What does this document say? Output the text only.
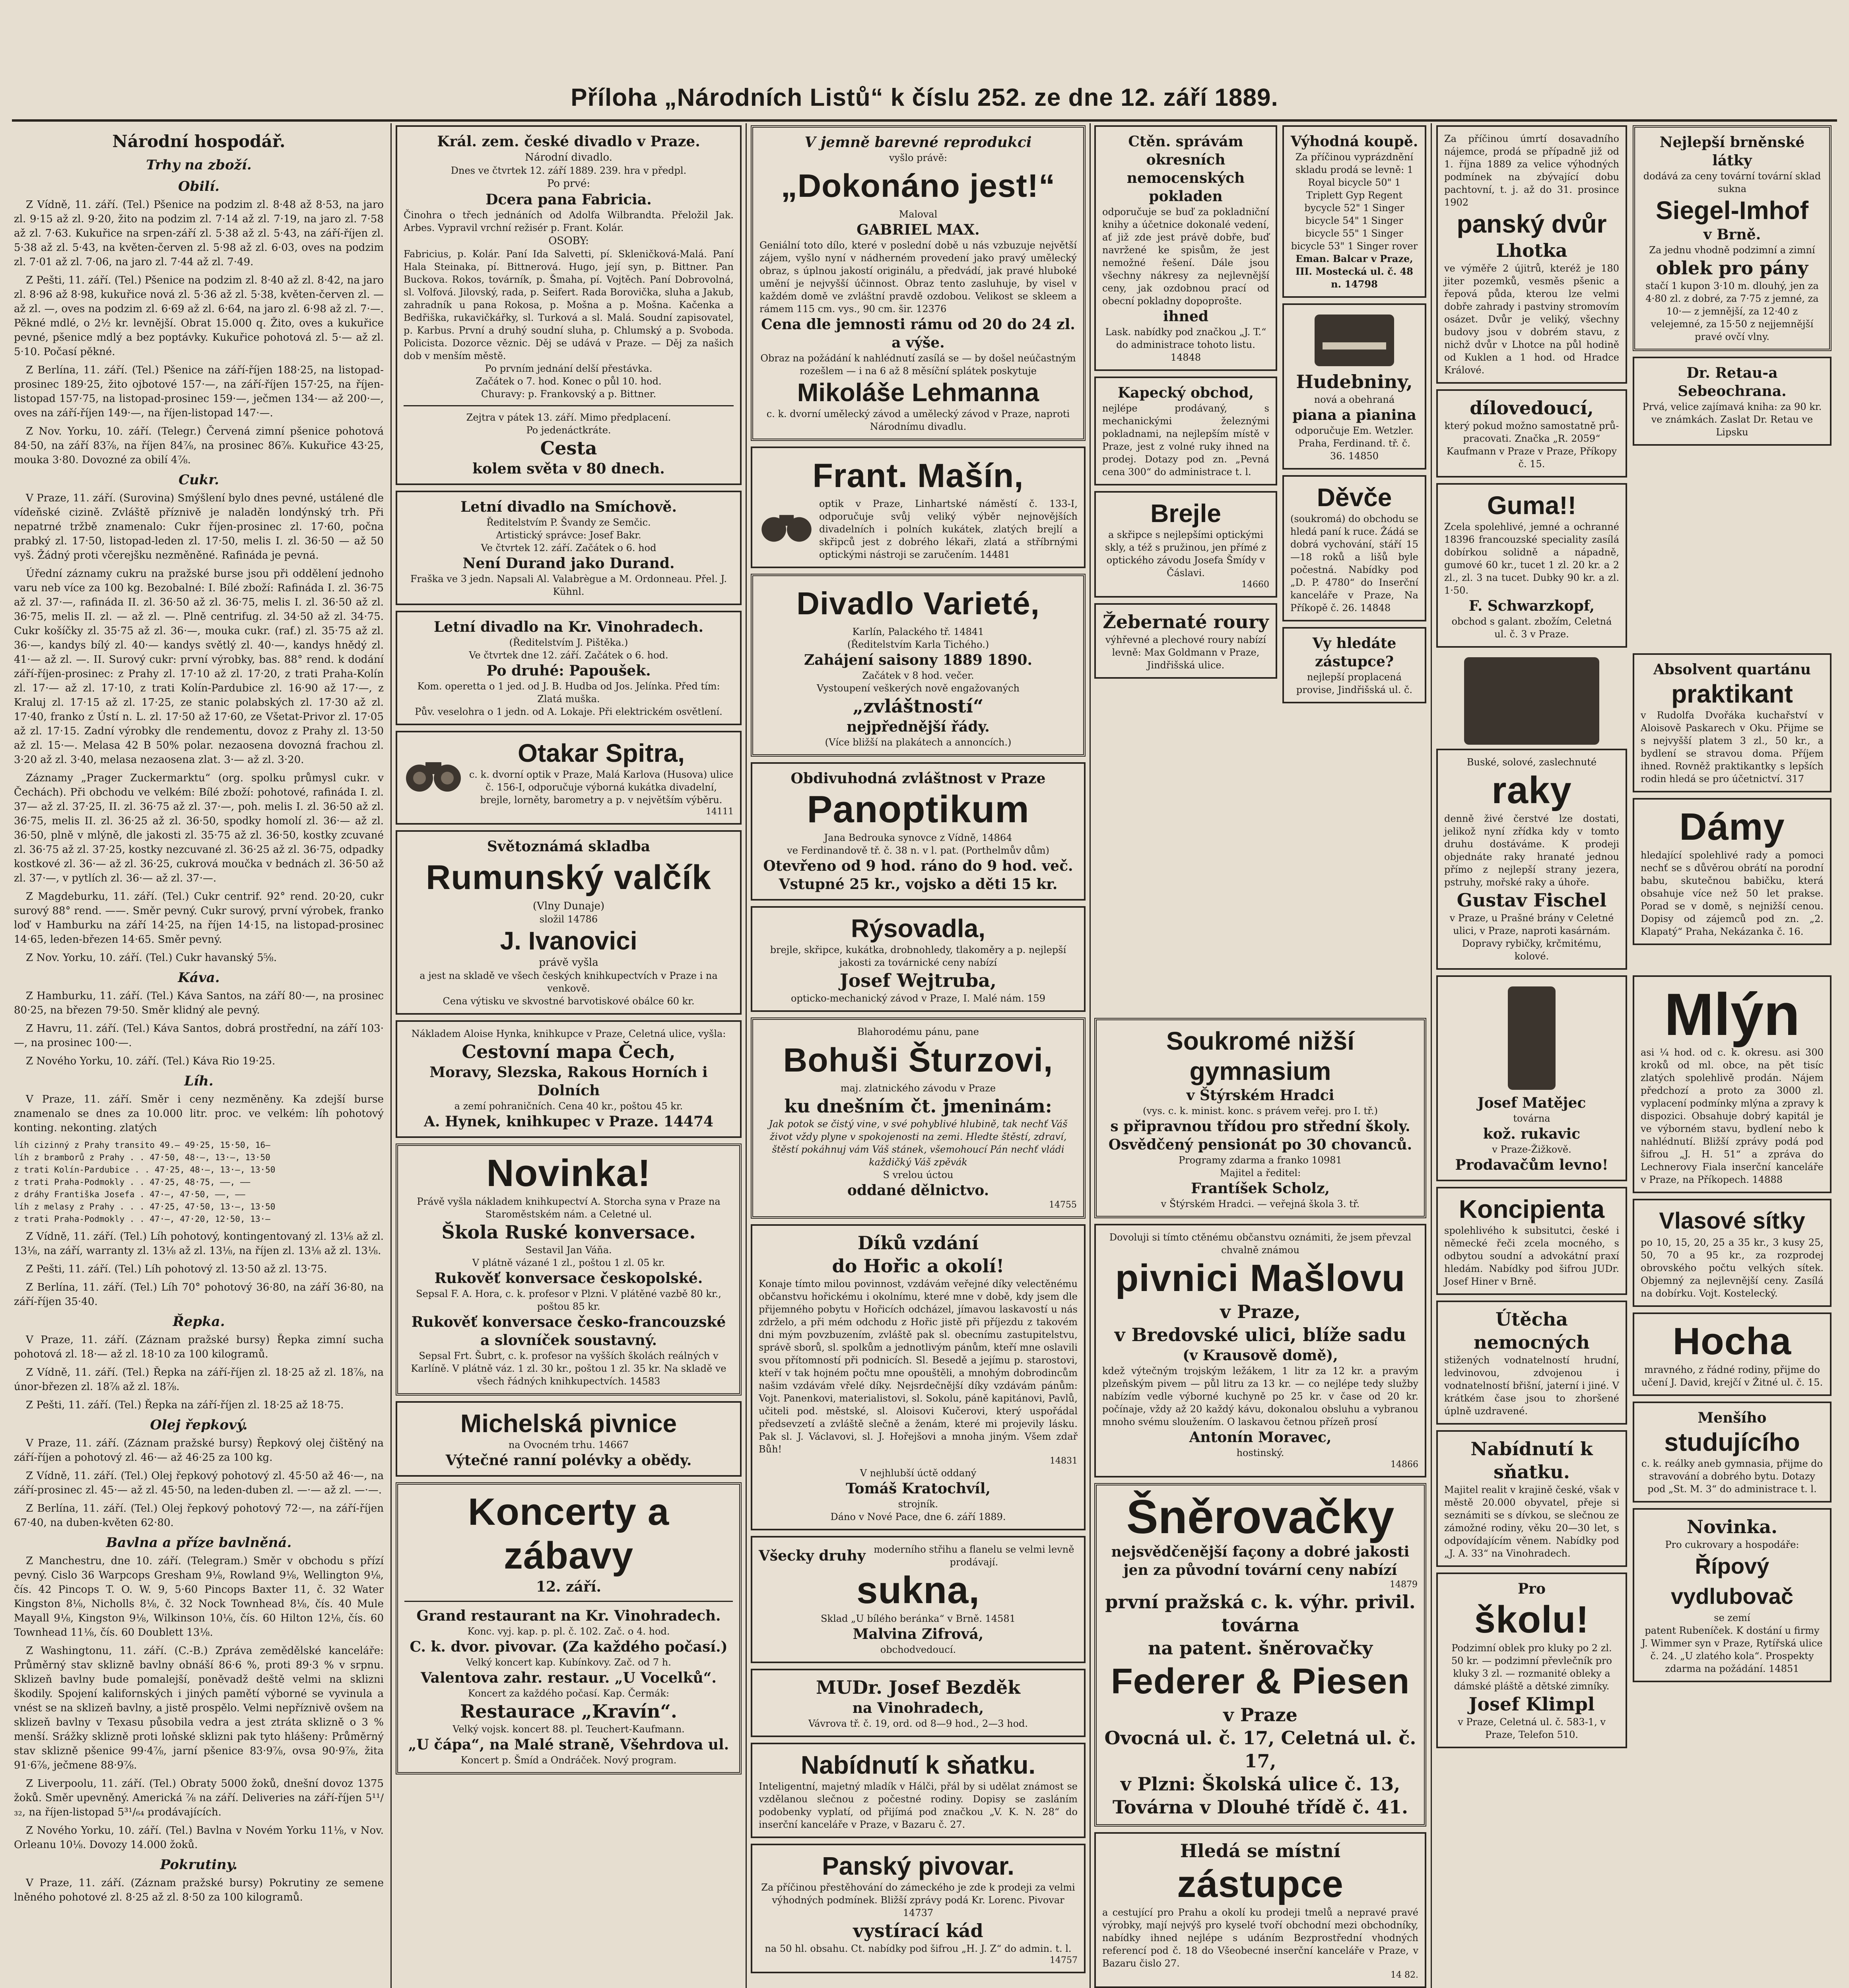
Příloha „Národních Listů“ k číslu 252. ze dne 12. září 1889.
Národní hospodář.
Trhy na zboží.
Obilí.

Z Vídně, 11. září. (Tel.) Pšenice na podzim zl. 8·48 až 8·53, na jaro zl. 9·15 až zl. 9·20, žito na podzim zl. 7·14 až zl. 7·19, na jaro zl. 7·58 až zl. 7·63. Kukuřice na srpen-září zl. 5·38 až zl. 5·43, na září-říjen zl. 5·38 až zl. 5·43, na květen-červen zl. 5·98 až zl. 6·03, oves na podzim zl. 7·01 až zl. 7·06, na jaro zl. 7·44 až zl. 7·49.

Z Pešti, 11. září. (Tel.) Pšenice na podzim zl. 8·40 až zl. 8·42, na jaro zl. 8·96 až 8·98, kukuřice nová zl. 5·36 až zl. 5·38, květen-červen zl. — až zl. —, oves na podzim zl. 6·69 až zl. 6·64, na jaro zl. 6·98 až zl. 7·—. Pěkné mdlé, o 2½ kr. levnější. Obrat 15.000 q. Žito, oves a kukuřice pevné, pšenice mdlý a bez poptávky. Kukuřice pohotová zl. 5·— až zl. 5·10. Počasí pěkné.

Z Berlína, 11. září. (Tel.) Pšenice na září-říjen 188·25, na listopad-prosinec 189·25, žito ojbotové 157·—, na září-říjen 157·25, na říjen-listopad 157·75, na listopad-prosinec 159·—, ječmen 134·— až 200·—, oves na září-říjen 149·—, na říjen-listopad 147·—.

Z Nov. Yorku, 10. září. (Telegr.) Červená zimní pšenice pohotová 84·50, na září 83⅞, na říjen 84⅞, na prosinec 86⅞. Kukuřice 43·25, mouka 3·80. Dovozné za obilí 4⅞.

Cukr.

V Praze, 11. září. (Surovina) Smýšlení bylo dnes pevné, ustálené dle vídeňské cizině. Zvláště příznivě je naladěn londýnský trh. Při nepatrné tržbě znamenalo: Cukr říjen-prosinec zl. 17·60, počna prabký zl. 17·50, listopad-leden zl. 17·50, melis I. zl. 36·50 — až 50 vyš. Žádný proti včerejšku nezměněné. Rafináda je pevná.

Úřední záznamy cukru na pražské burse jsou při oddělení jednoho varu neb více za 100 kg. Bezobalné: I. Bílé zboží: Rafináda I. zl. 36·75 až zl. 37·—, rafináda II. zl. 36·50 až zl. 36·75, melis I. zl. 36·50 až zl. 36·75, melis II. zl. — až zl. —. Plně centrifug. zl. 34·50 až zl. 34·75. Cukr košíčky zl. 35·75 až zl. 36·—, mouka cukr. (raf.) zl. 35·75 až zl. 36·—, kandys bílý zl. 40·— kandys světlý zl. 40·—, kandys hnědý zl. 41·— až zl. —. II. Surový cukr: první výrobky, bas. 88° rend. k dodání září-říjen-prosinec: z Prahy zl. 17·10 až zl. 17·20, z trati Praha-Kolín zl. 17·— až zl. 17·10, z trati Kolín-Pardubice zl. 16·90 až 17·—, z Kraluj zl. 17·15 až zl. 17·25, ze stanic polabských zl. 17·30 až zl. 17·40, franko z Ústí n. L. zl. 17·50 až 17·60, ze Všetat-Privor zl. 17·05 až zl. 17·15. Zadní výrobky dle rendementu, dovoz z Prahy zl. 13·50 až zl. 15·—. Melasa 42 B 50% polar. nezaosena dovozná frachou zl. 3·20 až zl. 3·40, melasa nezaosena zlat. 3·— až zl. 3·20.

Záznamy „Prager Zuckermarktu“ (org. spolku průmysl cukr. v Čechách). Při obchodu ve velkém: Bílé zboží: pohotové, rafináda I. zl. 37— až zl. 37·25, II. zl. 36·75 až zl. 37·—, poh. melis I. zl. 36·50 až zl. 36·75, melis II. zl. 36·25 až zl. 36·50, spodky homolí zl. 36·— až zl. 36·50, plně v mlýně, dle jakosti zl. 35·75 až zl. 36·50, kostky zcuvané zl. 36·75 až zl. 37·25, kostky nezcuvané zl. 36·25 až zl. 36·75, odpadky kostkové zl. 36·— až zl. 36·25, cukrová moučka v bednách zl. 36·50 až zl. 37·—, v pytlích zl. 36·— až zl. 37·—.

Z Magdeburku, 11. září. (Tel.) Cukr centrif. 92° rend. 20·20, cukr surový 88° rend. ——. Směr pevný. Cukr surový, první výrobek, franko loď v Hamburku na září 14·25, na říjen 14·15, na listopad-prosinec 14·65, leden-březen 14·65. Směr pevný.

Z Nov. Yorku, 10. září. (Tel.) Cukr havanský 5⅝.

Káva.

Z Hamburku, 11. září. (Tel.) Káva Santos, na září 80·—, na prosinec 80·25, na březen 79·50. Směr klidný ale pevný.

Z Havru, 11. září. (Tel.) Káva Santos, dobrá prostřední, na září 103·—, na prosinec 100·—.

Z Nového Yorku, 10. září. (Tel.) Káva Rio 19·25.

Líh.

V Praze, 11. září. Směr i ceny nezměněny. Ka zdejší burse znamenalo se dnes za 10.000 litr. proc. ve velkém: líh pohotový konting. nekonting. zlatých

líh cizinný z Prahy transito 49.— 49·25, 15·50, 16—
líh z bramborů z Prahy . . 47·50, 48·—, 13·—, 13·50
z trati Kolín-Pardubice . . 47·25, 48·—, 13·—, 13·50
z trati Praha-Podmokly . . 47·25, 48·75, ——, ——
z dráhy Františka Josefa . 47·—, 47·50, ——, ——
líh z melasy z Prahy . . . 47·25, 47·50, 13·—, 13·50
z trati Praha-Podmokly . . 47·—, 47·20, 12·50, 13·—

Z Vídně, 11. září. (Tel.) Líh pohotový, kontingentovaný zl. 13⅛ až zl. 13⅛, na září, warranty zl. 13⅛ až zl. 13⅛, na říjen zl. 13⅛ až zl. 13⅛.

Z Pešti, 11. září. (Tel.) Líh pohotový zl. 13·50 až zl. 13·75.

Z Berlína, 11. září. (Tel.) Líh 70° pohotový 36·80, na září 36·80, na září-říjen 35·40.

Řepka.

V Praze, 11. září. (Záznam pražské bursy) Řepka zimní sucha pohotová zl. 18·— až zl. 18·10 za 100 kilogramů.

Z Vídně, 11. září. (Tel.) Řepka na září-říjen zl. 18·25 až zl. 18⅞, na únor-březen zl. 18⅞ až zl. 18⅞.

Z Pešti, 11. září. (Tel.) Řepka na září-říjen zl. 18·25 až 18·75.

Olej řepkový.

V Praze, 11. září. (Záznam pražské bursy) Řepkový olej čištěný na září-říjen a pohotový zl. 46·— až 46·25 za 100 kg.

Z Vídně, 11. září. (Tel.) Olej řepkový pohotový zl. 45·50 až 46·—, na září-prosinec zl. 45·— až zl. 45·50, na leden-duben zl. —·— až zl. —·—.

Z Berlína, 11. září. (Tel.) Olej řepkový pohotový 72·—, na září-říjen 67·40, na duben-květen 62·80.

Bavlna a příze bavlněná.

Z Manchestru, dne 10. září. (Telegram.) Směr v obchodu s přízí pevný. Cislo 36 Warpcops Gresham 9⅛, Rowland 9⅛, Wellington 9⅛, čís. 42 Pincops T. O. W. 9, 5·60 Pincops Baxter 11, č. 32 Water Kingston 8⅛, Nicholls 8⅛, č. 32 Nock Townhead 8⅛, čís. 40 Mule Mayall 9⅛, Kingston 9⅛, Wilkinson 10⅛, čís. 60 Hilton 12⅛, čís. 60 Townhead 11⅛, čís. 60 Doublett 13⅛.

Z Washingtonu, 11. září. (C.-B.) Zpráva zemědělské kanceláře: Průměrný stav sklizně bavlny obnáší 86·6 %, proti 89·3 % v srpnu. Sklizeň bavlny bude pomalejší, poněvadž deště velmi na sklizni škodily. Spojení kalifornských i jiných pamětí výborné se vyvinula a vnést se na sklizeň bavlny, a jistě prospělo. Velmi nepříznivě ovšem na sklizeň bavlny v Texasu působila vedra a jest ztráta sklizně o 3 % menší. Srážky sklizně proti loňské sklizni pak tyto hlášeny: Průměrný stav sklizně pšenice 99·4⅞, jarní pšenice 83·9⅞, ovsa 90·9⅞, žita 91·6⅞, ječmene 88·9⅞.

Z Liverpoolu, 11. září. (Tel.) Obraty 5000 žoků, dnešní dovoz 1375 žoků. Směr upevněný. Americká ⅞ na září. Deliveries na září-říjen 5¹¹/₃₂, na říjen-listopad 5³¹/₆₄ prodávajících.

Z Nového Yorku, 10. září. (Tel.) Bavlna v Novém Yorku 11⅛, v Nov. Orleanu 10⅛. Dovozy 14.000 žoků.

Pokrutiny.

V Praze, 11. září. (Záznam pražské bursy) Pokrutiny ze semene lněného pohotové zl. 8·25 až zl. 8·50 za 100 kilogramů.

Král. zem. české divadlo v Praze.
Národní divadlo.
Dnes ve čtvrtek 12. září 1889. 239. hra v předpl.
Po prvé:
Dcera pana Fabricia.
Činohra o třech jednáních od Adolfa Wilbrandta. Přeložil Jak. Arbes. Vypravil vrchní režisér p. Frant. Kolár.
OSOBY:
Fabricius, p. Kolár. Paní Ida Salvetti, pí. Skleničková-Malá. Paní Hala Steinaka, pí. Bittnerová. Hugo, její syn, p. Bittner. Pan Buckova. Rokos, továrník, p. Šmaha, pí. Vojtěch. Paní Dobrovolná, sl. Volfová. Jilovský, rada, p. Seifert. Rada Borovička, sluha a Jakub, zahradník u pana Rokosa, p. Mošna a p. Mošna. Kačenka a Bedřiška, rukavičkářky, sl. Turková a sl. Malá. Soudní zapisovatel, p. Karbus. První a druhý soudní sluha, p. Chlumský a p. Svoboda. Policista. Dozorce věznic. Děj se udává v Praze. — Děj za našich dob v menším městě.
Po prvním jednání delší přestávka.
Začátek o 7. hod. Konec o půl 10. hod.
Churavy: p. Frankovský a p. Bittner.
Zejtra v pátek 13. září. Mimo předplacení.
Po jedenáctkráte.
Cesta
kolem světa v 80 dnech.
Letní divadlo na Smíchově.
Ředitelstvím P. Švandy ze Semčic.
Artistický správce: Josef Bakr.
Ve čtvrtek 12. září. Začátek o 6. hod
Není Durand jako Durand.
Fraška ve 3 jedn. Napsali Al. Valabrègue a M. Ordonneau. Přel. J. Kühnl.
Letní divadlo na Kr. Vinohradech.
(Ředitelstvím J. Pištěka.)
Ve čtvrtek dne 12. září. Začátek o 6. hod.
Po druhé: Papoušek.
Kom. operetta o 1 jed. od J. B. Hudba od Jos. Jelínka. Před tím: Zlatá muška.
Pův. veselohra o 1 jedn. od A. Lokaje. Při elektrickém osvětlení.
Otakar Spitra,
c. k. dvorní optik v Praze, Malá Karlova (Husova) ulice č. 156-I, odporučuje výborná kukátka divadelní, brejle, lorněty, barometry a p. v největším výběru.
14111
Světoznámá skladba
Rumunský valčík
(Vlny Dunaje)
složil 14786
J. Ivanovici
právě vyšla
a jest na skladě ve všech českých knihkupectvích v Praze i na venkově.
Cena výtisku ve skvostné barvotiskové obálce 60 kr.
Nákladem Aloise Hynka, knihkupce v Praze, Celetná ulice, vyšla:
Cestovní mapa Čech,
Moravy, Slezska, Rakous Horních i Dolních
a zemí pohraničních. Cena 40 kr., poštou 45 kr.
A. Hynek, knihkupec v Praze. 14474
Novinka!
Právě vyšla nákladem knihkupectví A. Storcha syna v Praze na Staroměstském nám. a Celetné ul.
Škola Ruské konversace.
Sestavil Jan Váňa.
V plátně vázané 1 zl., poštou 1 zl. 05 kr.
Rukověť konversace českopolské.
Sepsal F. A. Hora, c. k. profesor v Plzni. V plátěné vazbě 80 kr., poštou 85 kr.
Rukověť konversace česko-francouzské a slovníček soustavný.
Sepsal Frt. Šubrt, c. k. profesor na vyšších školách reálných v Karlíně. V plátně váz. 1 zl. 30 kr., poštou 1 zl. 35 kr. Na skladě ve všech řádných knihkupectvích. 14583
Michelská pivnice
na Ovocném trhu. 14667
Výtečné ranní polévky a obědy.
Koncerty a zábavy
12. září.
Grand restaurant na Kr. Vinohradech.
Konc. vyj. kap. p. pl. č. 102. Zač. o 4. hod.
C. k. dvor. pivovar. (Za každého počasí.)
Velký koncert kap. Kubínkovy. Zač. od 7 h.
Valentova zahr. restaur. „U Vocelků“.
Koncert za každého počasí. Kap. Čermák:
Restaurace „Kravín“.
Velký vojsk. koncert 88. pl. Teuchert-Kaufmann.
„U čápa“, na Malé straně, Všehrdova ul.
Koncert p. Šmíd a Ondráček. Nový program.
V jemně barevné reprodukci
vyšlo právě:
„Dokonáno jest!“
Maloval
GABRIEL MAX.
Geniální toto dílo, které v poslední době u nás vzbuzuje největší zájem, vyšlo nyní v nádherném provedení jako pravý umělecký obraz, s úplnou jakostí originálu, a předvádí, jak pravé hluboké umění je nejvyšší účinnost. Obraz tento zasluhuje, by visel v každém domě ve zvláštní pravdě ozdobou. Velikost se skleem a rámem 115 cm. vys., 90 cm. šir. 12376
Cena dle jemnosti rámu od 20 do 24 zl. a výše.
Obraz na požádání k nahlédnutí zasílá se — by došel neúčastným rozešlem — i na 6 až 8 měsíční splátek poskytuje
Mikoláše Lehmanna
c. k. dvorní umělecký závod a umělecký závod v Praze, naproti Národnímu divadlu.
Frant. Mašín,
optik v Praze, Linhartské náměstí č. 133-I, odporučuje svůj veliký výběr nejnovějších divadelních i polních kukátek, zlatých brejlí a skřipců jest z dobrého lékaři, zlatá a stříbrnými optickými nástroji se zaručením. 14481
Divadlo Varieté,
Karlín, Palackého tř. 14841
(Ředitelstvím Karla Tichého.)
Zahájení saisony 1889 1890.
Začátek v 8 hod. večer.
Vystoupení veškerých nově engažovaných
„zvláštností“
nejpřednější řády.
(Více bližší na plakátech a annoncích.)
Obdivuhodná zvláštnost v Praze
Panoptikum
Jana Bedrouka synovce z Vídně, 14864
ve Ferdinandově tř. č. 38 n. v l. pat. (Porthelmův dům)
Otevřeno od 9 hod. ráno do 9 hod. več.
Vstupné 25 kr., vojsko a děti 15 kr.
Rýsovadla,
brejle, skřipce, kukátka, drobnohledy, tlakoměry a p. nejlepší jakosti za továrnické ceny nabízí
Josef Wejtruba,
opticko-mechanický závod v Praze, I. Malé nám. 159
Blahorodému pánu, pane
Bohuši Šturzovi,
maj. zlatnického závodu v Praze
ku dnešním čt. jmeninám:
Jak potok se čistý vine, v své pohyblivé hlubině, tak nechť Váš život vždy plyne v spokojenosti na zemi. Hledte štěstí, zdraví, štěstí pokáhnuj vám Váš stánek, všemohoucí Pán nechť vládi každičký Váš zpěvák
S vrelou úctou
oddané dělnictvo.
14755
Díků vzdání
do Hořic a okolí!
Konaje tímto milou povinnost, vzdávám veřejné díky velectěnému občanstvu hořickému i okolnímu, které mne v době, kdy jsem dle přijemného pobytu v Hořicích odcházel, jímavou laskavostí u nás zdrželo, a při mém odchodu z Hořic jistě při příjezdu z takovém dni mým povzbuzením, zvláště pak sl. obecnímu zastupitelstvu, správě sborů, sl. spolkům a jednotlivým pánům, kteří mne oslavili svou přítomností při podnicích. Sl. Besedě a jejímu p. starostovi, kteří v tak hojném počtu mne opouštěli, a mnohým dobrodincům našim vzdávám vřelé díky. Nejsrdečnější díky vzdávám pánům: Vojt. Panenkovi, materialistovi, sl. Sokolu, páně kapitánovi, Pavlů, učiteli pod. městské, sl. Aloisovi Kučerovi, který uspořádal předsevzetí a zvláště slečně a ženám, které mi projevily lásku. Pak sl. J. Václavovi, sl. J. Hořejšovi a mnoha jiným. Všem zdař Bůh!
14831
V nejhlubší úctě oddaný
Tomáš Kratochvíl,
strojník.
Dáno v Nové Pace, dne 6. září 1889.
Všecky druhy moderního střihu a flanelu se velmi levně prodávají.
sukna,
Sklad „U bílého beránka“ v Brně. 14581
Malvina Zifrová,
obchodvedoucí.
MUDr. Josef Bezděk
na Vinohradech,
Vávrova tř. č. 19, ord. od 8—9 hod., 2—3 hod.
Nabídnutí k sňatku.
Inteligentní, majetný mladík v Hálči, přál by si udělat známost se vzdělanou slečnou z počestné rodiny. Dopisy se zasláním podobenky vyplatí, od přijímá pod značkou „V. K. N. 28“ do inserční kanceláře v Praze, v Bazaru č. 27.
Panský pivovar.
Za příčinou přestěhování do zámeckého je zde k prodeji za velmi výhodných podmínek. Bližší zprávy podá Kr. Lorenc. Pivovar 14737
vystírací kád
na 50 hl. obsahu. Ct. nabídky pod šifrou „H. J. Z“ do admin. t. l.
14757
Ctěn. správám okresních nemocenských pokladen
odporučuje se buď za pokladniční knihy a účetnice dokonalé vedení, ať již zde jest právě dobře, buď navržené ke spisům, že jest nemožné řešení. Dále jsou všechny nákresy za nejlevnější ceny, jak ozdobnou prací od obecní pokladny dopoprošte.
ihned
Lask. nabídky pod značkou „J. T.“ do administrace tohoto listu. 14848
Kapecký obchod,
nejlépe prodávaný, s mechanickými železnými pokladnami, na nejlepším místě v Praze, jest z volné ruky ihned na prodej. Dotazy pod zn. „Pevná cena 300“ do administrace t. l.
Brejle
a skřipce s nejlepšími optickými skly, a též s pružinou, jen přímé z optického závodu Josefa Šmídy v Čáslavi.
14660
Žebernaté roury
výhřevné a plechové roury nabízí levně: Max Goldmann v Praze, Jindřišská ulice.
Výhodná koupě.
Za příčinou vyprázdnění skladu prodá se levně: 1 Royal bicycle 50" 1 Triplett Gyp Regent bycycle 52" 1 Singer bicycle 54" 1 Singer bicycle 55" 1 Singer bicycle 53" 1 Singer rover
Eman. Balcar v Praze, III. Mostecká ul. č. 48 n. 14798
Hudebniny,
nová a obehraná
piana a pianina
odporučuje Em. Wetzler. Praha, Ferdinand. tř. č. 36. 14850
Děvče
(soukromá) do obchodu se hledá paní k ruce. Žádá se dobrá vychování, stáří 15—18 roků a lišů byle počestná. Nabídky pod „D. P. 4780“ do Inserční kanceláře v Praze, Na Příkopě č. 26. 14848
Vy hledáte zástupce?
nejlepší proplacená provise, Jindřišská ul. č.
Soukromé nižší gymnasium
v Štýrském Hradci
(vys. c. k. minist. konc. s právem veřej. pro I. tř.)
s připravnou třídou pro střední školy.
Osvědčený pensionát po 30 chovanců.
Programy zdarma a franko 10981
Majitel a ředitel:
Frantíšek Scholz,
v Štýrském Hradci. — veřejná škola 3. tř.
Dovoluji si tímto ctěnému občanstvu oznámiti, že jsem převzal chvalně známou
pivnici Mašlovu
v Praze,
v Bredovské ulici, blíže sadu
(v Krausově domě),
kdež výtečným trojským ležákem, 1 litr za 12 kr. a pravým plzeňským pivem — půl litru za 13 kr. — co nejlépe tedy služby nabízím vedle výborné kuchyně po 25 kr. v čase od 20 kr. počínaje, vždy až 20 každý kávu, dokonalou obsluhu a vybranou mnoho svému sloužením. O laskavou četnou přízeň prosí
Antonín Moravec,
hostinský.
14866
Šněrovačky
nejsvědčenější façony a dobré jakosti jen za původní tovární ceny nabízí
14879
první pražská c. k. výhr. privil. továrna
na patent. šněrovačky
Federer & Piesen
v Praze
Ovocná ul. č. 17, Celetná ul. č. 17,
v Plzni: Školská ulice č. 13,
Továrna v Dlouhé třídě č. 41.
Hledá se místní
zástupce
a cestující pro Prahu a okolí ku prodeji tmelů a nepravé pravé výrobky, mají nejvýš pro kyselé tvoří obchodní mezi obchodníky, nabídky ihned nejlépe s udáním Bezprostřední vhodných referencí pod č. 18 do Všeobecné inserční kanceláře v Praze, v Bazaru čislo 27.
14 82.
Za příčinou úmrtí dosavadního nájemce, prodá se případně již od 1. října 1889 za velice výhodných podmínek na zbývající dobu pachtovní, t. j. až do 31. prosince 1902
panský dvůr
Lhotka
ve výměře 2 újitrů, kteréž je 180 jiter pozemků, vesměs pšenic a řepová půda, kterou lze velmi dobře zahrady i pastviny stromovím osázet. Dvůr je veliký, všechny budovy jsou v dobrém stavu, z nichž dvůr v Lhotce na půl hodině od Kuklen a 1 hod. od Hradce Králové.
dílovedoucí,
který pokud možno samostatně prů-pracovati. Značka „R. 2059“ Kaufmann v Praze v Praze, Příkopy č. 15.
Guma!!
Zcela spolehlivé, jemné a ochranné 18396 francouzské speciality zasílá dobírkou solidně a nápadně, gumové 60 kr., tucet 1 zl. 20 kr. a 2 zl., zl. 3 na tucet. Dubky 90 kr. a zl. 1·50.
F. Schwarzkopf,
obchod s galant. zbožím, Celetná ul. č. 3 v Praze.
Nejlepší brněnské látky
dodává za ceny tovární tovární sklad sukna
Siegel-Imhof
v Brně.
Za jednu vhodně podzimní a zimní
oblek pro pány
stačí 1 kupon 3·10 m. dlouhý, jen za 4·80 zl. z dobré, za 7·75 z jemné, za 10·— z jemnější, za 12·40 z velejemné, za 15·50 z nejjemnější pravé ovčí vlny.
Dr. Retau-a Sebeochrana.
Prvá, velice zajímavá kniha: za 90 kr. ve známkách. Zaslat Dr. Retau ve Lipsku
Buské, solové, zaslechnuté
raky
denně živé čerstvé lze dostati, jelikož nyní zřídka kdy v tomto druhu dostáváme. K prodeji objednáte raky hranaté jednou přímo z nejlepší strany jezera, pstruhy, mořské raky a úhoře.
Gustav Fischel
v Praze, u Prašné brány v Celetné ulici, v Praze, naproti kasárnám. Dopravy rybičky, krčmitému, kolové.
Absolvent quartánu
praktikant
v Rudolfa Dvořáka kuchařství v Aloisově Paskarech v Oku. Přijme se s nejvyšší platem 3 zl., 50 kr., a bydlení se stravou doma. Příjem ihned. Rovněž praktikantky s lepších rodin hledá se pro účetnictví. 317
Dámy
hledající spolehlivé rady a pomoci nechť se s důvěrou obrátí na porodní babu, skutečnou babičku, která obsahuje více než 50 let prakse. Porad se v domě, s nejnižší cenou. Dopisy od zájemců pod zn. „2. Klapatý“ Praha, Nekázanka č. 16.
Josef Matějec
továrna
kož. rukavic
v Praze-Žižkově.
Prodavačům levno!
Koncipienta
spolehlivého k subsitutci, české i německé řeči zcela mocného, s odbytou soudní a advokátní praxí hledám. Nabídky pod šifrou JUDr. Josef Hiner v Brně.
Útěcha nemocných
stižených vodnatelností hrudní, ledvinovou, zdvojenou i vodnatelností břišní, jaterní i jiné. V krátkém čase jsou to zhoršené úplně uzdravené.
Nabídnutí k sňatku.
Majitel realit v krajině české, však v městě 20.000 obyvatel, přeje si seznámiti se s dívkou, se slečnou ze zámožné rodiny, věku 20—30 let, s odpovídajícím věnem. Nabídky pod „J. A. 33“ na Vinohradech.
Pro
školu!
Podzimní oblek pro kluky po 2 zl. 50 kr. — podzimní převlečník pro kluky 3 zl. — rozmanité obleky a dámské pláště a dětské zimníky.
Josef Klimpl
v Praze, Celetná ul. č. 583-1, v Praze, Telefon 510.
Mlýn
asi ¼ hod. od c. k. okresu. asi 300 kroků od ml. obce, na pět tisíc zlatých spolehlivě prodán. Nájem předchozí a proto za 3000 zl. vyplacení podmínky mlýna a zpravy k dispozici. Obsahuje dobrý kapitál je ve výborném stavu, bydlení nebo k nahlédnutí. Bližší zprávy podá pod šifrou „J. H. 51“ a zpráva do Lechnerovy Fiala inserční kanceláře v Praze, na Příkopech. 14888
Vlasové sítky
po 10, 15, 20, 25 a 35 kr., 3 kusy 25, 50, 70 a 95 kr., za rozprodej obrovského počtu velkých sítek. Objemný za nejlevnější ceny. Zasílá na dobírku. Vojt. Kostelecký.
Hocha
mravného, z řádné rodiny, přijme do učení J. David, krejčí v Žitné ul. č. 15.
Menšího
studujícího
c. k. reálky aneb gymnasia, přijme do stravování a dobrého bytu. Dotazy pod „St. M. 3“ do administrace t. l.
Novinka.
Pro cukrovary a hospodáře:
Řípový vydlubovač
se zemí
patent Rubeníček. K dostání u firmy J. Wimmer syn v Praze, Rytířská ulice č. 24. „U zlatého kola“. Prospekty zdarma na požádání. 14851
